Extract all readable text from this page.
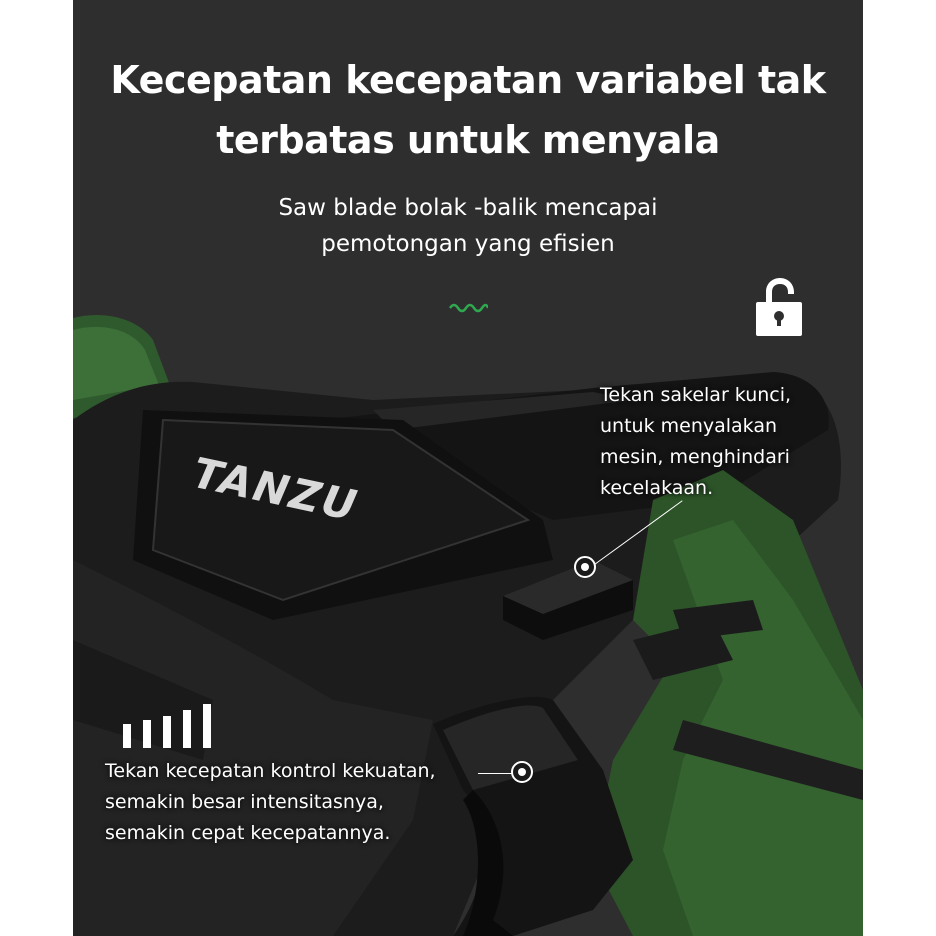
TANZU
Kecepatan kecepatan variabel tak
terbatas untuk menyala
Saw blade bolak -balik mencapai
pemotongan yang efisien
Tekan sakelar kunci,
untuk menyalakan
mesin, menghindari
kecelakaan.
Tekan kecepatan kontrol kekuatan,
semakin besar intensitasnya,
semakin cepat kecepatannya.
